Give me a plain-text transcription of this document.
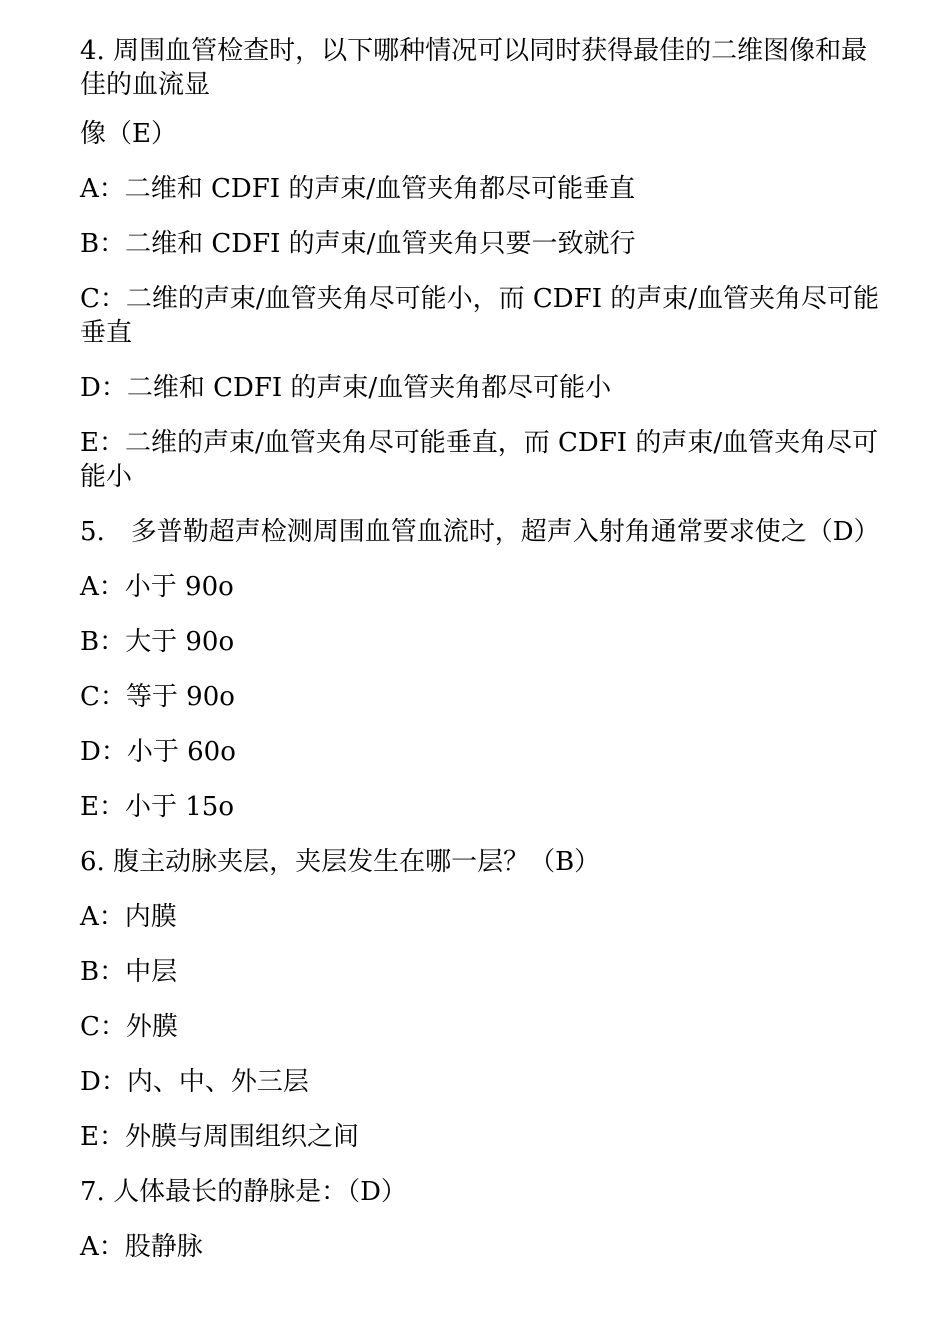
4. 周围血管检查时，以下哪种情况可以同时获得最佳的二维图像和最佳的血流显

像（E）

A：二维和 CDFI 的声束/血管夹角都尽可能垂直

B：二维和 CDFI 的声束/血管夹角只要一致就行

C：二维的声束/血管夹角尽可能小，而 CDFI 的声束/血管夹角尽可能垂直

D：二维和 CDFI 的声束/血管夹角都尽可能小

E：二维的声束/血管夹角尽可能垂直，而 CDFI 的声束/血管夹角尽可能小

5.　多普勒超声检测周围血管血流时，超声入射角通常要求使之（D）

A：小于 90o

B：大于 90o

C：等于 90o

D：小于 60o

E：小于 15o

6. 腹主动脉夹层，夹层发生在哪一层？（B）

A：内膜

B：中层

C：外膜

D：内、中、外三层

E：外膜与周围组织之间

7. 人体最长的静脉是：（D）

A：股静脉
